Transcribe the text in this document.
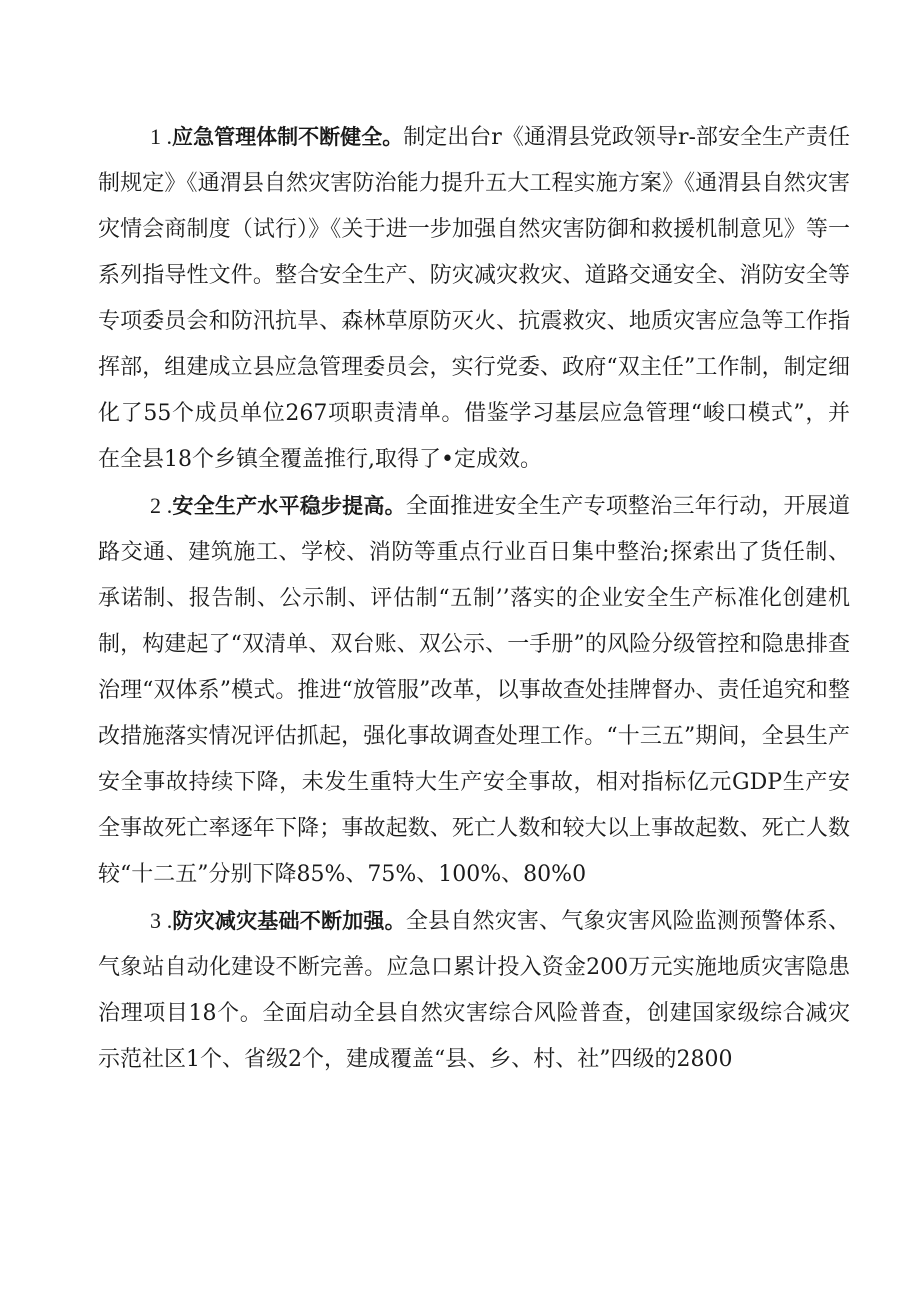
1 .应急管理体制不断健全。制定出台r《通渭县党政领导r-部安全生产责任制规定》《通渭县自然灾害防治能力提升五大工程实施方案》《通渭县自然灾害灾情会商制度（试行）》《关于进一步加强自然灾害防御和救援机制意见》等一系列指导性文件。整合安全生产、防灾减灾救灾、道路交通安全、消防安全等专项委员会和防汛抗旱、森林草原防灭火、抗震救灾、地质灾害应急等工作指挥部，组建成立县应急管理委员会，实行党委、政府“双主任”工作制，制定细化了55个成员单位267项职责清单。借鉴学习基层应急管理“峻口模式”，并在全县18个乡镇全覆盖推行,取得了•定成效。

2 .安全生产水平稳步提高。全面推进安全生产专项整治三年行动，开展道路交通、建筑施工、学校、消防等重点行业百日集中整治;探索出了货任制、承诺制、报告制、公示制、评估制“五制’’落实的企业安全生产标准化创建机制，构建起了“双清单、双台账、双公示、一手册”的风险分级管控和隐患排查治理“双体系”模式。推进“放管服”改革，以事故查处挂牌督办、责任追究和整改措施落实情况评估抓起，强化事故调查处理工作。“十三五”期间，全县生产安全事故持续下降，未发生重特大生产安全事故，相对指标亿元GDP生产安全事故死亡率逐年下降；事故起数、死亡人数和较大以上事故起数、死亡人数较“十二五”分别下降85%、75%、100%、80%0

3 .防灾减灾基础不断加强。全县自然灾害、气象灾害风险监测预警体系、气象站自动化建设不断完善。应急口累计投入资金200万元实施地质灾害隐患治理项目18个。全面启动全县自然灾害综合风险普查，创建国家级综合减灾示范社区1个、省级2个，建成覆盖“县、乡、村、社”四级的2800
